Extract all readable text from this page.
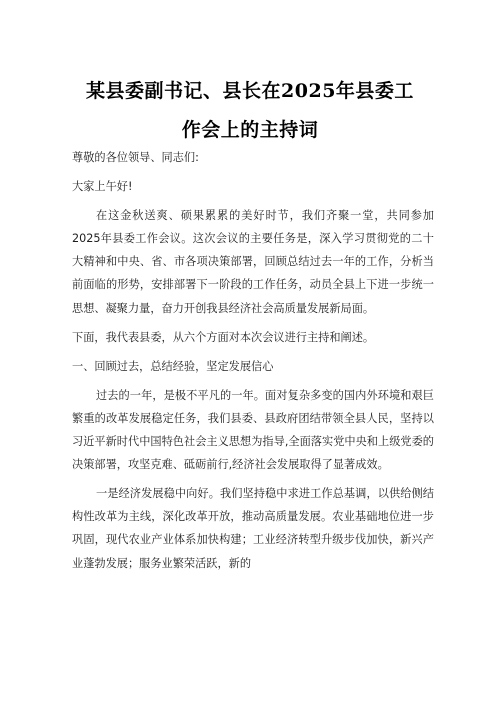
某县委副书记、县长在2025年县委工
作会上的主持词

尊敬的各位领导、同志们:

大家上午好!

在这金秋送爽、硕果累累的美好时节，我们齐聚一堂，共同参加2025年县委工作会议。这次会议的主要任务是，深入学习贯彻党的二十大精神和中央、省、市各项决策部署，回顾总结过去一年的工作，分析当前面临的形势，安排部署下一阶段的工作任务，动员全县上下进一步统一思想、凝聚力量，奋力开创我县经济社会高质量发展新局面。

下面，我代表县委，从六个方面对本次会议进行主持和阐述。

一、回顾过去，总结经验，坚定发展信心

过去的一年，是极不平凡的一年。面对复杂多变的国内外环境和艰巨繁重的改革发展稳定任务，我们县委、县政府团结带领全县人民，坚持以习近平新时代中国特色社会主义思想为指导,全面落实党中央和上级党委的决策部署，攻坚克难、砥砺前行,经济社会发展取得了显著成效。

一是经济发展稳中向好。我们坚持稳中求进工作总基调，以供给侧结构性改革为主线，深化改革开放，推动高质量发展。农业基础地位进一步巩固，现代农业产业体系加快构建；工业经济转型升级步伐加快，新兴产业蓬勃发展；服务业繁荣活跃，新的
